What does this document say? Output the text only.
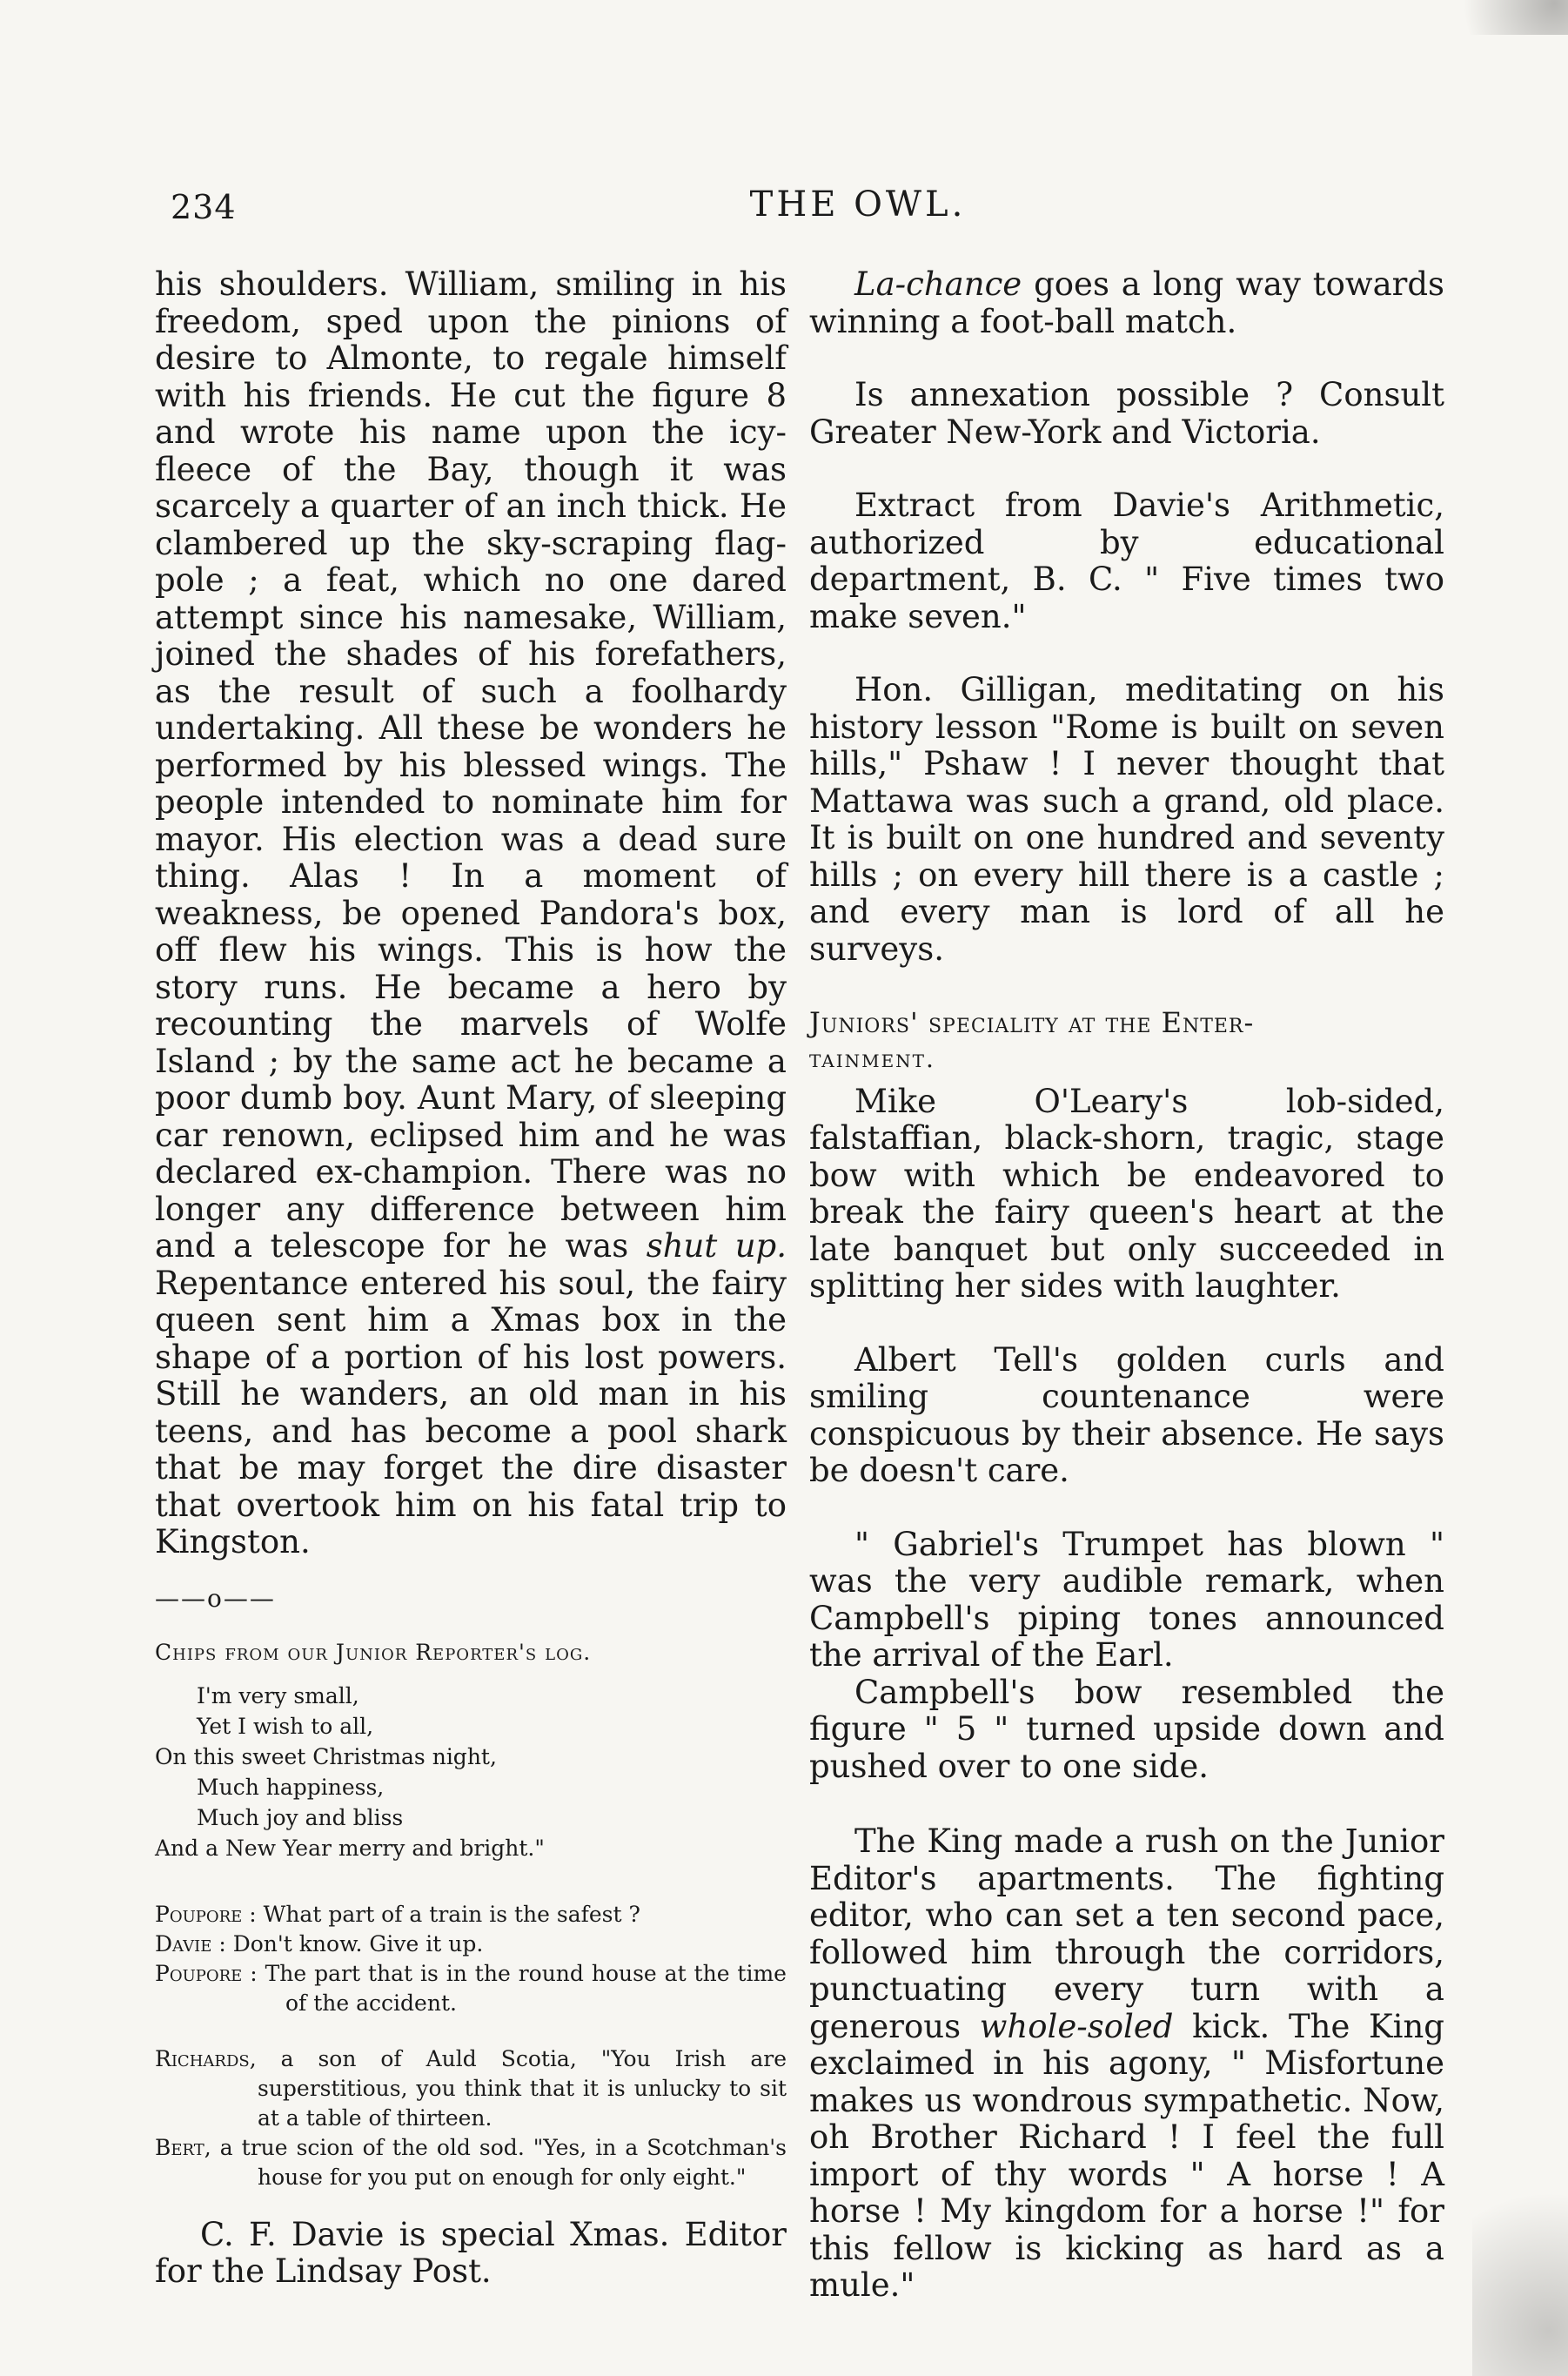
234	THE OWL.

his shoulders. William, smiling in his freedom, sped upon the pinions of desire to Almonte, to regale himself with his friends. He cut the figure 8 and wrote his name upon the icy-fleece of the Bay, though it was scarcely a quarter of an inch thick. He clambered up the sky-scraping flag-pole ; a feat, which no one dared attempt since his namesake, William, joined the shades of his forefathers, as the result of such a foolhardy undertaking. All these be wonders he performed by his blessed wings. The people intended to nominate him for mayor. His election was a dead sure thing. Alas ! In a moment of weakness, be opened Pandora's box, off flew his wings. This is how the story runs. He became a hero by recounting the marvels of Wolfe Island ; by the same act he became a poor dumb boy. Aunt Mary, of sleeping car renown, eclipsed him and he was declared ex-champion. There was no longer any difference between him and a telescope for he was shut up. Repentance entered his soul, the fairy queen sent him a Xmas box in the shape of a portion of his lost powers. Still he wanders, an old man in his teens, and has become a pool shark that be may forget the dire disaster that overtook him on his fatal trip to Kingston.

——o——

Chips from our Junior Reporter's log.

I'm very small,
Yet I wish to all,
On this sweet Christmas night,
Much happiness,
Much joy and bliss
And a New Year merry and bright."
Poupore : What part of a train is the safest ?
Davie : Don't know. Give it up.
Poupore : The part that is in the round house at the time of the accident.
Richards, a son of Auld Scotia, "You Irish are superstitious, you think that it is unlucky to sit at a table of thirteen.
Bert, a true scion of the old sod. "Yes, in a Scotchman's house for you put on enough for only eight."

C. F. Davie is special Xmas. Editor for the Lindsay Post.

La-chance goes a long way towards winning a foot-ball match.

Is annexation possible ? Consult Greater New-York and Victoria.

Extract from Davie's Arithmetic, authorized by educational department, B. C. " Five times two make seven."

Hon. Gilligan, meditating on his history lesson "Rome is built on seven hills," Pshaw ! I never thought that Mattawa was such a grand, old place. It is built on one hundred and seventy hills ; on every hill there is a castle ; and every man is lord of all he surveys.

Juniors' speciality at the Enter-

tainment.

Mike O'Leary's lob-sided, falstaffian, black-shorn, tragic, stage bow with which be endeavored to break the fairy queen's heart at the late banquet but only succeeded in splitting her sides with laughter.

Albert Tell's golden curls and smiling countenance were conspicuous by their absence. He says be doesn't care.

" Gabriel's Trumpet has blown " was the very audible remark, when Campbell's piping tones announced the arrival of the Earl.

Campbell's bow resembled the figure " 5 " turned upside down and pushed over to one side.

The King made a rush on the Junior Editor's apartments. The fighting editor, who can set a ten second pace, followed him through the corridors, punctuating every turn with a generous whole-soled kick. The King exclaimed in his agony, " Misfortune makes us wondrous sympathetic. Now, oh Brother Richard ! I feel the full import of thy words " A horse ! A horse ! My kingdom for a horse !" for this fellow is kicking as hard as a mule."
